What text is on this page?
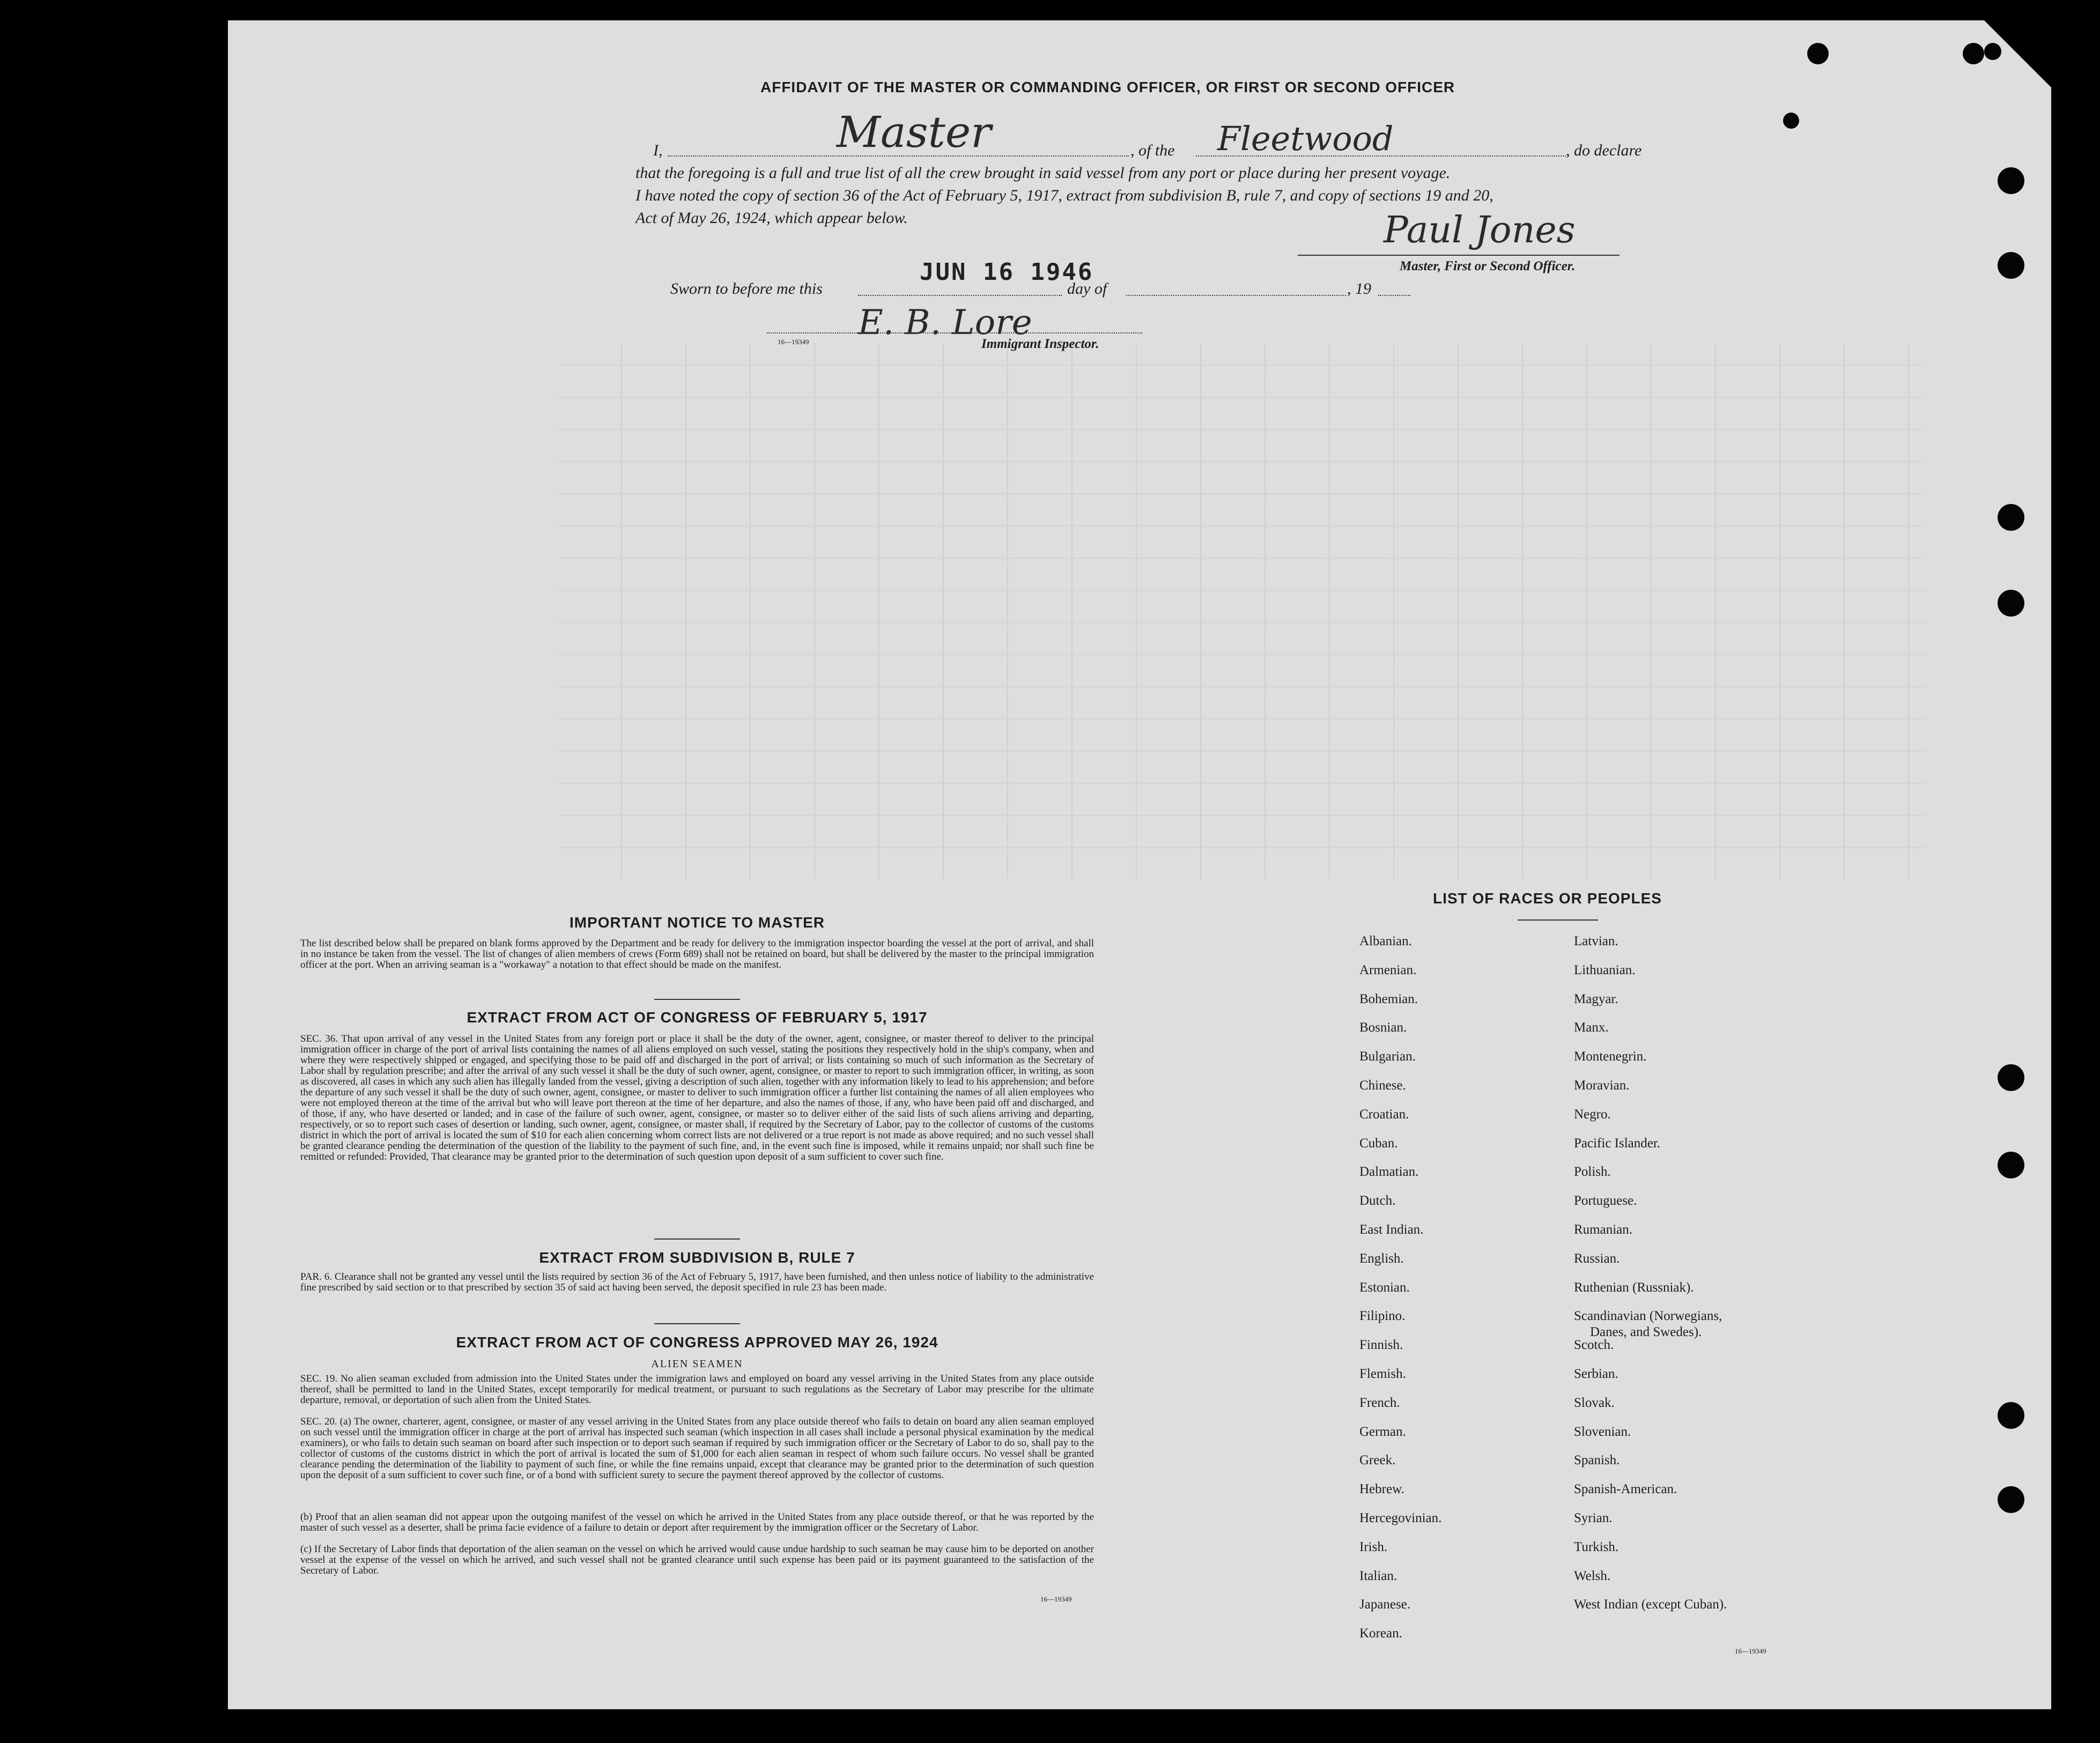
AFFIDAVIT OF THE MASTER OR COMMANDING OFFICER, OR FIRST OR SECOND OFFICER
I,	Master	, of the Fleetwood	, do declare
that the foregoing is a full and true list of all the crew brought in said vessel from any port or place during her present voyage.
I have noted the copy of section 36 of the Act of February 5, 1917, extract from subdivision B, rule 7, and copy of sections 19 and 20,
Act of May 26, 1924, which appear below.	Paul Jones
Master, First or Second Officer.
Sworn to before me this
JUN 16 1946
day of	, 19
E. B. Lore
16—19349	Immigrant Inspector.
IMPORTANT NOTICE TO MASTER
The list described below shall be prepared on blank forms approved by the Department and be ready for delivery to the immigration inspector boarding the vessel at the port of arrival, and shall in no instance be taken from the vessel. The list of changes of alien members of crews (Form 689) shall not be retained on board, but shall be delivered by the master to the principal immigration officer at the port. When an arriving seaman is a "workaway" a notation to that effect should be made on the manifest.
EXTRACT FROM ACT OF CONGRESS OF FEBRUARY 5, 1917
SEC. 36. That upon arrival of any vessel in the United States from any foreign port or place it shall be the duty of the owner, agent, consignee, or master thereof to deliver to the principal immigration officer in charge of the port of arrival lists containing the names of all aliens employed on such vessel, stating the positions they respectively hold in the ship's company, when and where they were respectively shipped or engaged, and specifying those to be paid off and discharged in the port of arrival; or lists containing so much of such information as the Secretary of Labor shall by regulation prescribe; and after the arrival of any such vessel it shall be the duty of such owner, agent, consignee, or master to report to such immigration officer, in writing, as soon as discovered, all cases in which any such alien has illegally landed from the vessel, giving a description of such alien, together with any information likely to lead to his apprehension; and before the departure of any such vessel it shall be the duty of such owner, agent, consignee, or master to deliver to such immigration officer a further list containing the names of all alien employees who were not employed thereon at the time of the arrival but who will leave port thereon at the time of her departure, and also the names of those, if any, who have been paid off and discharged, and of those, if any, who have deserted or landed; and in case of the failure of such owner, agent, consignee, or master so to deliver either of the said lists of such aliens arriving and departing, respectively, or so to report such cases of desertion or landing, such owner, agent, consignee, or master shall, if required by the Secretary of Labor, pay to the collector of customs of the customs district in which the port of arrival is located the sum of $10 for each alien concerning whom correct lists are not delivered or a true report is not made as above required; and no such vessel shall be granted clearance pending the determination of the question of the liability to the payment of such fine, and, in the event such fine is imposed, while it remains unpaid; nor shall such fine be remitted or refunded: Provided, That clearance may be granted prior to the determination of such question upon deposit of a sum sufficient to cover such fine.
EXTRACT FROM SUBDIVISION B, RULE 7
PAR. 6. Clearance shall not be granted any vessel until the lists required by section 36 of the Act of February 5, 1917, have been furnished, and then unless notice of liability to the administrative fine prescribed by said section or to that prescribed by section 35 of said act having been served, the deposit specified in rule 23 has been made.
EXTRACT FROM ACT OF CONGRESS APPROVED MAY 26, 1924
ALIEN SEAMEN
SEC. 19. No alien seaman excluded from admission into the United States under the immigration laws and employed on board any vessel arriving in the United States from any place outside thereof, shall be permitted to land in the United States, except temporarily for medical treatment, or pursuant to such regulations as the Secretary of Labor may prescribe for the ultimate departure, removal, or deportation of such alien from the United States.
SEC. 20. (a) The owner, charterer, agent, consignee, or master of any vessel arriving in the United States from any place outside thereof who fails to detain on board any alien seaman employed on such vessel until the immigration officer in charge at the port of arrival has inspected such seaman (which inspection in all cases shall include a personal physical examination by the medical examiners), or who fails to detain such seaman on board after such inspection or to deport such seaman if required by such immigration officer or the Secretary of Labor to do so, shall pay to the collector of customs of the customs district in which the port of arrival is located the sum of $1,000 for each alien seaman in respect of whom such failure occurs. No vessel shall be granted clearance pending the determination of the liability to payment of such fine, or while the fine remains unpaid, except that clearance may be granted prior to the determination of such question upon the deposit of a sum sufficient to cover such fine, or of a bond with sufficient surety to secure the payment thereof approved by the collector of customs.
(b) Proof that an alien seaman did not appear upon the outgoing manifest of the vessel on which he arrived in the United States from any place outside thereof, or that he was reported by the master of such vessel as a deserter, shall be prima facie evidence of a failure to detain or deport after requirement by the immigration officer or the Secretary of Labor.
(c) If the Secretary of Labor finds that deportation of the alien seaman on the vessel on which he arrived would cause undue hardship to such seaman he may cause him to be deported on another vessel at the expense of the vessel on which he arrived, and such vessel shall not be granted clearance until such expense has been paid or its payment guaranteed to the satisfaction of the Secretary of Labor.
16—19349
LIST OF RACES OR PEOPLES
Albanian.
Armenian.
Bohemian.
Bosnian.
Bulgarian.
Chinese.
Croatian.
Cuban.
Dalmatian.
Dutch.
East Indian.
English.
Estonian.
Filipino.
Finnish.
Flemish.
French.
German.
Greek.
Hebrew.
Hercegovinian.
Irish.
Italian.
Japanese.
Korean.
Latvian.
Lithuanian.
Magyar.
Manx.
Montenegrin.
Moravian.
Negro.
Pacific Islander.
Polish.
Portuguese.
Rumanian.
Russian.
Ruthenian (Russniak).
Scandinavian (Norwegians,
Danes, and Swedes).
Scotch.
Serbian.
Slovak.
Slovenian.
Spanish.
Spanish-American.
Syrian.
Turkish.
Welsh.
West Indian (except Cuban).
16—19349
